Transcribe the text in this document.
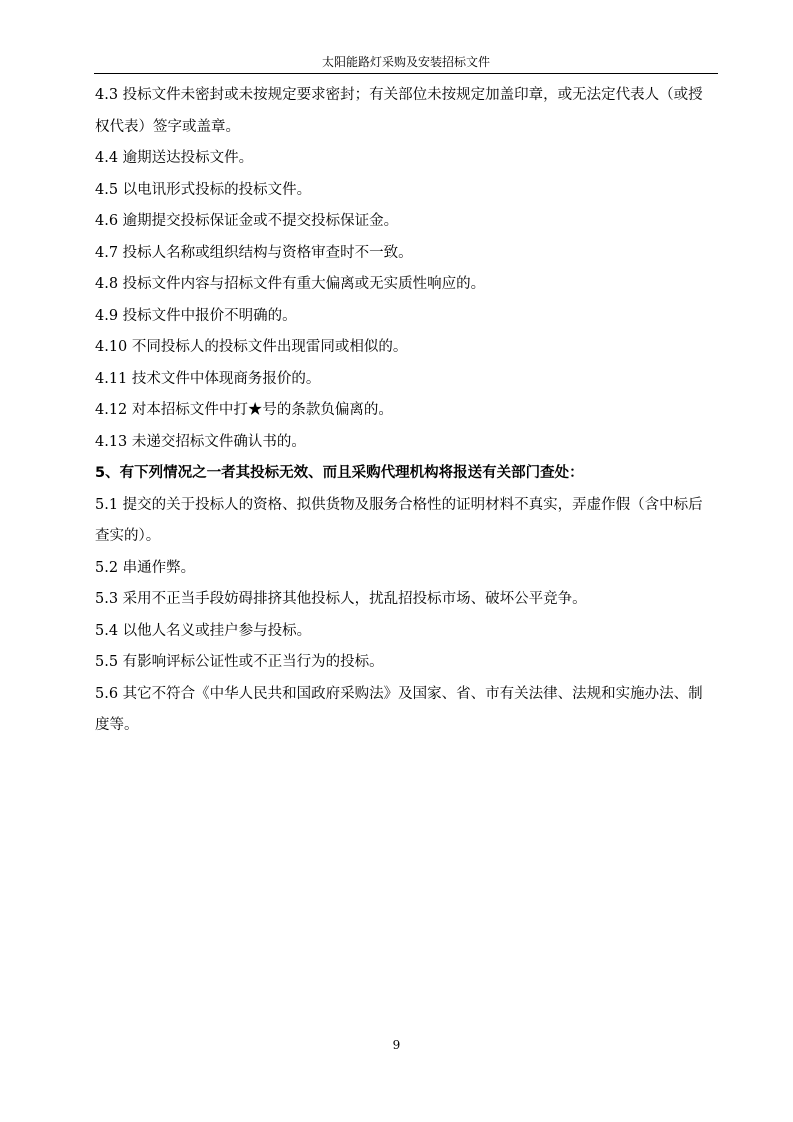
太阳能路灯采购及安装招标文件

4.3 投标文件未密封或未按规定要求密封；有关部位未按规定加盖印章，或无法定代表人（或授权代表）签字或盖章。

4.4 逾期送达投标文件。

4.5 以电讯形式投标的投标文件。

4.6 逾期提交投标保证金或不提交投标保证金。

4.7 投标人名称或组织结构与资格审查时不一致。

4.8 投标文件内容与招标文件有重大偏离或无实质性响应的。

4.9 投标文件中报价不明确的。

4.10 不同投标人的投标文件出现雷同或相似的。

4.11 技术文件中体现商务报价的。

4.12 对本招标文件中打★号的条款负偏离的。

4.13 未递交招标文件确认书的。

5、有下列情况之一者其投标无效、而且采购代理机构将报送有关部门查处：

5.1 提交的关于投标人的资格、拟供货物及服务合格性的证明材料不真实，弄虚作假（含中标后查实的）。

5.2 串通作弊。

5.3 采用不正当手段妨碍排挤其他投标人，扰乱招投标市场、破坏公平竞争。

5.4 以他人名义或挂户参与投标。

5.5 有影响评标公证性或不正当行为的投标。

5.6 其它不符合《中华人民共和国政府采购法》及国家、省、市有关法律、法规和实施办法、制度等。

9
